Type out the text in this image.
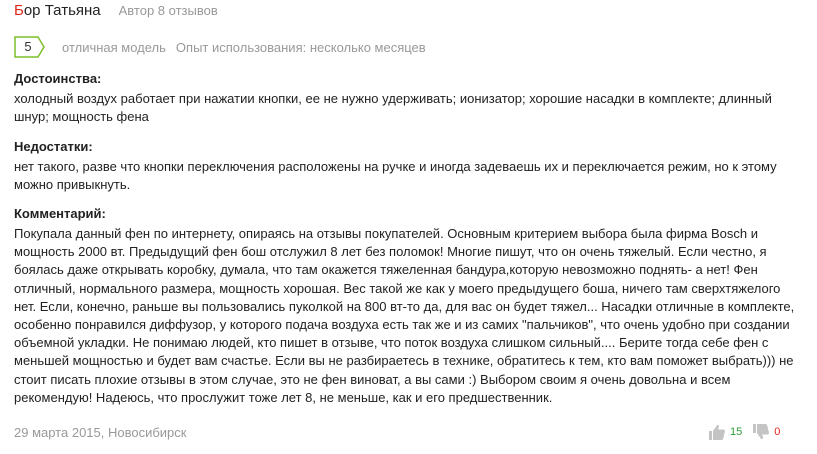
Бор Татьяна Автор 8 отзывов
5	отличная модель Опыт использования: несколько месяцев
Достоинства:
холодный воздух работает при нажатии кнопки, ее не нужно удерживать; ионизатор; хорошие насадки в комплекте; длинный шнур; мощность фена
Недостатки:
нет такого, разве что кнопки переключения расположены на ручке и иногда задеваешь их и переключается режим, но к этому можно привыкнуть.
Комментарий:
Покупала данный фен по интернету, опираясь на отзывы покупателей. Основным критерием выбора была фирма Bosch и мощность 2000 вт. Предыдущий фен бош отслужил 8 лет без поломок! Многие пишут, что он очень тяжелый. Если честно, я боялась даже открывать коробку, думала, что там окажется тяжеленная бандура,которую невозможно поднять- а нет! Фен отличный, нормального размера, мощность хорошая. Вес такой же как у моего предыдущего боша, ничего там сверхтяжелого нет. Если, конечно, раньше вы пользовались пуколкой на 800 вт-то да, для вас он будет тяжел... Насадки отличные в комплекте, особенно понравился диффузор, у которого подача воздуха есть так же и из самих "пальчиков", что очень удобно при создании объемной укладки. Не понимаю людей, кто пишет в отзыве, что поток воздуха слишком сильный.... Берите тогда себе фен с меньшей мощностью и будет вам счастье. Если вы не разбираетесь в технике, обратитесь к тем, кто вам поможет выбрать))) не стоит писать плохие отзывы в этом случае, это не фен виноват, а вы сами :) Выбором своим я очень довольна и всем рекомендую! Надеюсь, что прослужит тоже лет 8, не меньше, как и его предшественник.
29 марта 2015, Новосибирск	15	0
